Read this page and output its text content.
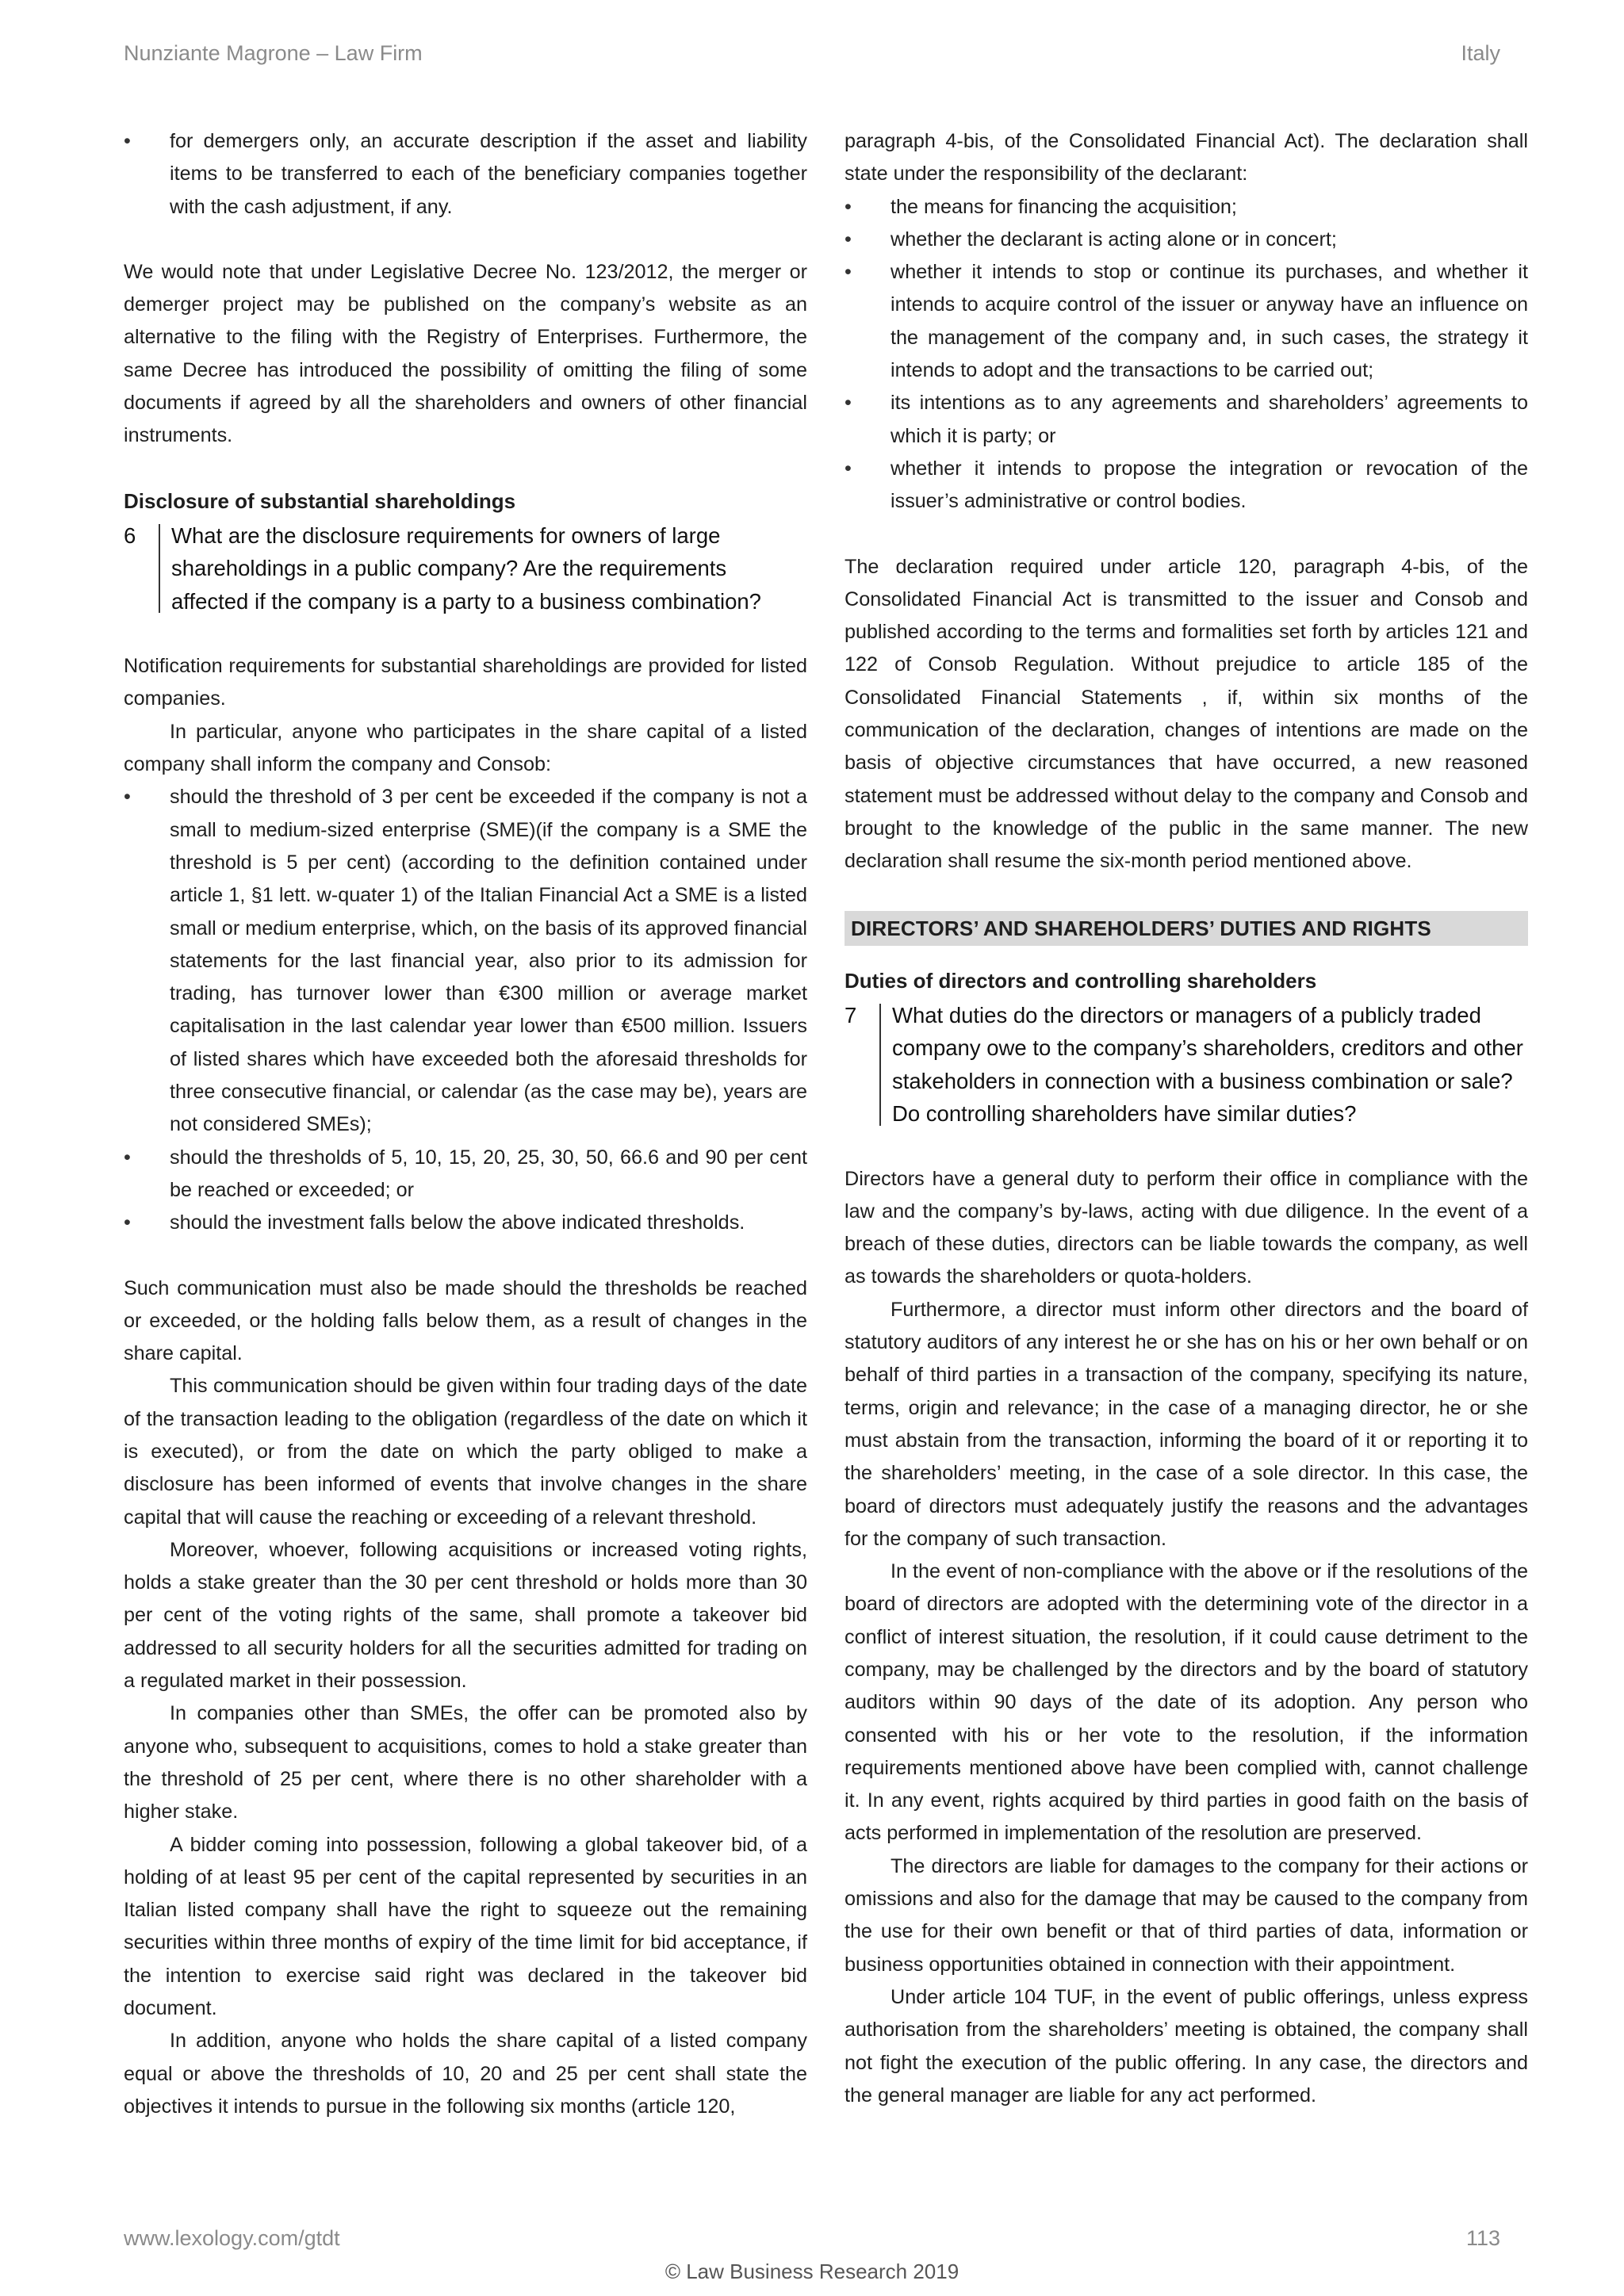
Nunziante Magrone – Law Firm	Italy
• for demergers only, an accurate description if the asset and liability items to be transferred to each of the beneficiary companies together with the cash adjustment, if any.

We would note that under Legislative Decree No. 123/2012, the merger or demerger project may be published on the company’s website as an alternative to the filing with the Registry of Enterprises. Furthermore, the same Decree has introduced the possibility of omitting the filing of some documents if agreed by all the shareholders and owners of other financial instruments.

Disclosure of substantial shareholdings
6	What are the disclosure requirements for owners of large shareholdings in a public company? Are the requirements affected if the company is a party to a business combination?

Notification requirements for substantial shareholdings are provided for listed companies.

In particular, anyone who participates in the share capital of a listed company shall inform the company and Consob:

• should the threshold of 3 per cent be exceeded if the company is not a small to medium-sized enterprise (SME)(if the company is a SME the threshold is 5 per cent) (according to the definition contained under article 1, §1 lett. w-quater 1) of the Italian Financial Act a SME is a listed small or medium enterprise, which, on the basis of its approved financial statements for the last financial year, also prior to its admission for trading, has turnover lower than €300 million or average market capitalisation in the last calendar year lower than €500 million. Issuers of listed shares which have exceeded both the aforesaid thresholds for three consecutive financial, or calendar (as the case may be), years are not considered SMEs);
• should the thresholds of 5, 10, 15, 20, 25, 30, 50, 66.6 and 90 per cent be reached or exceeded; or
• should the investment falls below the above indicated thresholds.

Such communication must also be made should the thresholds be reached or exceeded, or the holding falls below them, as a result of changes in the share capital.

This communication should be given within four trading days of the date of the transaction leading to the obligation (regardless of the date on which it is executed), or from the date on which the party obliged to make a disclosure has been informed of events that involve changes in the share capital that will cause the reaching or exceeding of a relevant threshold.

Moreover, whoever, following acquisitions or increased voting rights, holds a stake greater than the 30 per cent threshold or holds more than 30 per cent of the voting rights of the same, shall promote a takeover bid addressed to all security holders for all the securities admitted for trading on a regulated market in their possession.

In companies other than SMEs, the offer can be promoted also by anyone who, subsequent to acquisitions, comes to hold a stake greater than the threshold of 25 per cent, where there is no other shareholder with a higher stake.

A bidder coming into possession, following a global takeover bid, of a holding of at least 95 per cent of the capital represented by securities in an Italian listed company shall have the right to squeeze out the remaining securities within three months of expiry of the time limit for bid acceptance, if the intention to exercise said right was declared in the takeover bid document.

In addition, anyone who holds the share capital of a listed company equal or above the thresholds of 10, 20 and 25 per cent shall state the objectives it intends to pursue in the following six months (article 120,

paragraph 4-bis, of the Consolidated Financial Act). The declaration shall state under the responsibility of the declarant:

• the means for financing the acquisition;
• whether the declarant is acting alone or in concert;
• whether it intends to stop or continue its purchases, and whether it intends to acquire control of the issuer or anyway have an influence on the management of the company and, in such cases, the strategy it intends to adopt and the transactions to be carried out;
• its intentions as to any agreements and shareholders’ agreements to which it is party; or
• whether it intends to propose the integration or revocation of the issuer’s administrative or control bodies.

The declaration required under article 120, paragraph 4-bis, of the Consolidated Financial Act is transmitted to the issuer and Consob and published according to the terms and formalities set forth by articles 121 and 122 of Consob Regulation. Without prejudice to article 185 of the Consolidated Financial Statements , if, within six months of the communication of the declaration, changes of intentions are made on the basis of objective circumstances that have occurred, a new reasoned statement must be addressed without delay to the company and Consob and brought to the knowledge of the public in the same manner. The new declaration shall resume the six-month period mentioned above.

DIRECTORS’ AND SHAREHOLDERS’ DUTIES AND RIGHTS
Duties of directors and controlling shareholders
7	What duties do the directors or managers of a publicly traded company owe to the company’s shareholders, creditors and other stakeholders in connection with a business combination or sale? Do controlling shareholders have similar duties?

Directors have a general duty to perform their office in compliance with the law and the company’s by-laws, acting with due diligence. In the event of a breach of these duties, directors can be liable towards the company, as well as towards the shareholders or quota-holders.

Furthermore, a director must inform other directors and the board of statutory auditors of any interest he or she has on his or her own behalf or on behalf of third parties in a transaction of the company, specifying its nature, terms, origin and relevance; in the case of a managing director, he or she must abstain from the transaction, informing the board of it or reporting it to the shareholders’ meeting, in the case of a sole director. In this case, the board of directors must adequately justify the reasons and the advantages for the company of such transaction.

In the event of non-compliance with the above or if the resolutions of the board of directors are adopted with the determining vote of the director in a conflict of interest situation, the resolution, if it could cause detriment to the company, may be challenged by the directors and by the board of statutory auditors within 90 days of the date of its adoption. Any person who consented with his or her vote to the resolution, if the information requirements mentioned above have been complied with, cannot challenge it. In any event, rights acquired by third parties in good faith on the basis of acts performed in implementation of the resolution are preserved.

The directors are liable for damages to the company for their actions or omissions and also for the damage that may be caused to the company from the use for their own benefit or that of third parties of data, information or business opportunities obtained in connection with their appointment.

Under article 104 TUF, in the event of public offerings, unless express authorisation from the shareholders’ meeting is obtained, the company shall not fight the execution of the public offering. In any case, the directors and the general manager are liable for any act performed.

www.lexology.com/gtdt	113
© Law Business Research 2019
